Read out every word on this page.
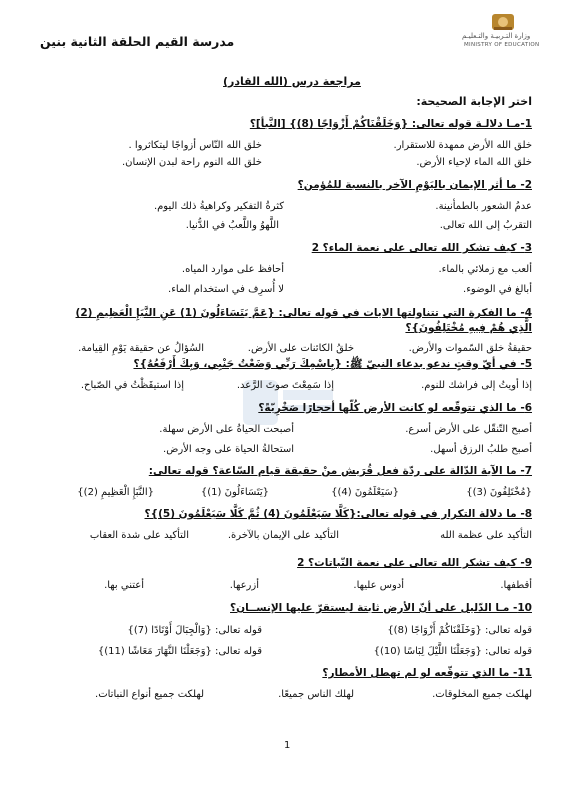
مدرسة القيم الحلقة الثانية بنين	وزارة التـربيـة والتـعليـم
MINISTRY OF EDUCATION
مراجعة درس (الله القادر)
اختر الإجابة الصحيحة:
1-مـا دلالـة قوله تعالى: {وَخَلَقْنَاكُمْ أَزْوَاجًا (8)} [النَّبأ]؟
خلق الله الأرض ممهدة للاستقرار.
خلق الله النّاس أزواجًا ليتكاثروا .
خلق الله الماء لإحياء الأرض.
خلق الله النوم راحة لبدن الإنسان.
2- ما أثر الإيمان باليَوْمِ الآخر بالنسبة للمُؤمن؟
عدمُ الشعور بالطمأنينة.
كثرةُ التفكير وكراهيةُ ذلك اليوم.
التقربُ إلى الله تعالى.
اللَّهوُ واللَّعبُ في الدُّنيا.
3- كيف تشكر الله تعالى على نعمة الماء؟ 2
ألعب مع زملائي بالماء.
أحافظ على موارد المياه.
أبالغ في الوضوء.
لا أُسرِف في استخدام الماء.
4- ما الفكرة التي تتناولتها الايات في قوله تعالى: {عَمَّ يَتَسَاءَلُونَ (1) عَنِ النَّبَإِ الْعَظِيمِ (2) الَّذِي هُمْ فِيهِ مُخْتَلِفُونَ}؟
حقيقةُ خلق السّموات والأرض.
خلقُ الكائنات على الأرض.
السُؤالُ عن حقيقة يَوْمِ القِيامة.
5- في أيّ وقتٍ ندعو بدعاء النبيّ ﷺ: {بِاسْمِكَ رَبِّي وَضَعْتُ جَنْبِي، وَبِكَ أَرْفَعُهُ}؟
إذا أويتُ إلى فراشك للنوم.
إذا سَمِعْتَ صوتَ الرَّعد.
إذا استيقَظْتُ في الصّباح.
6- ما الذي تتوقّعه لو كانت الأرض كُلّها أحجارًا صَخْرِيّةً؟
أصبح التّنقّل على الأرض أسرع.
أصبحت الحياةُ على الأرض سهلة.
أصبح طلبُ الرزق أسهل.
استحالةُ الحياة على وجه الأرض.
7- ما الآية الدّالة على ردّة فعل قُرَيش منْ حقيقة قيام السّاعة؟ قوله تعالى:
{مُخْتَلِفُونَ (3)}
{سَيَعْلَمُونَ (4)}
{يَتَسَاءَلُونَ (1)}
{النَّبَإِ الْعَظِيمِ (2)}
8- ما دلالة التكرار في قوله تعالى:{كَلَّا سَيَعْلَمُونَ (4) ثُمَّ كَلَّا سَيَعْلَمُونَ (5)}؟
التأكيد على عظمة الله
التأكيد على الإيمان بالآخرة.
التأكيد على شدة العقاب
9- كيف تشكر الله تعالى على نعمة النّباتات؟ 2
أقطفها.
أدوس عليها.
أزرعها.
أعتني بها.
10- مـا الدّليل على أنّ الأرض ثابتة ليستقرّ عليها الإنســان؟
قوله تعالى: {وَخَلَقْنَاكُمْ أَزْوَاجًا (8)}
قوله تعالى: {وَالْجِبَالَ أَوْتَادًا (7)}
قوله تعالى: {وَجَعَلْنَا اللَّيْلَ لِبَاسًا (10)}
قوله تعالى: {وَجَعَلْنَا النَّهَارَ مَعَاشًا (11)}
11- ما الذي تتوقّعه لو لم تهطل الأمطار؟
لهلكت جميع المخلوقات.
لهلك الناس جميعًا.
لهلكت جميع أنواع النباتات.
1
